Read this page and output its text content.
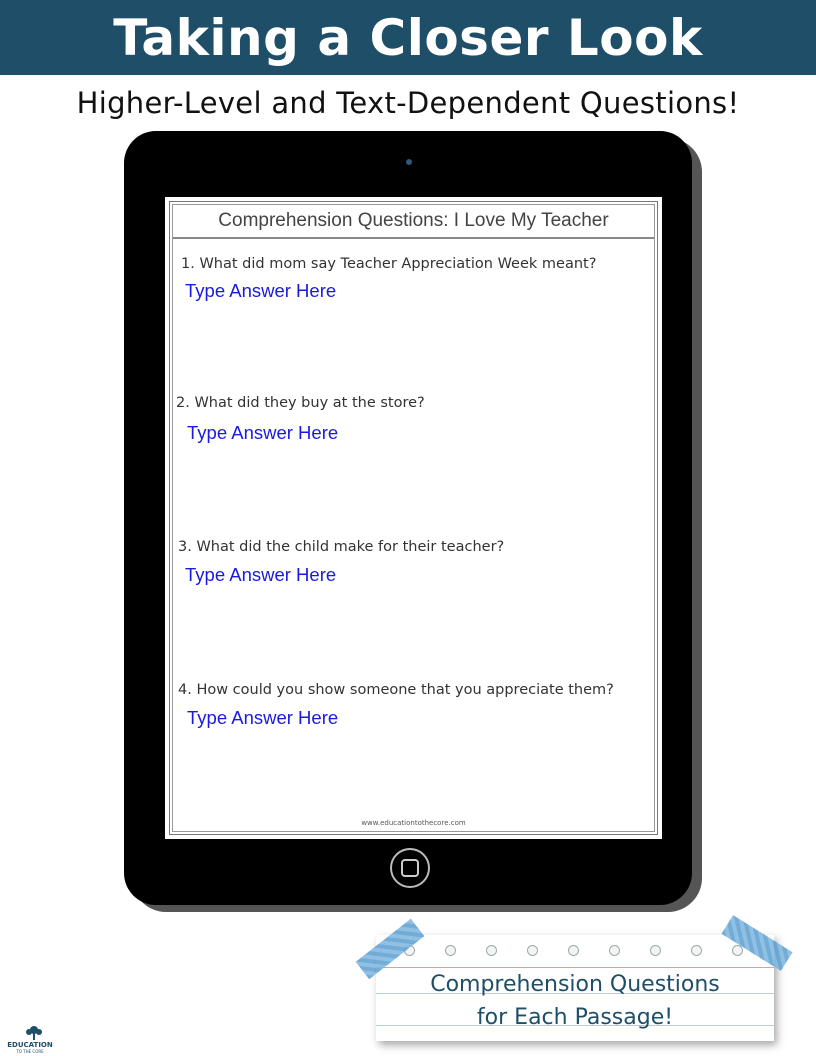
Taking a Closer Look
Higher-Level and Text-Dependent Questions!
Comprehension Questions: I Love My Teacher
1. What did mom say Teacher Appreciation Week meant?
Type Answer Here
2. What did they buy at the store?
Type Answer Here
3. What did the child make for their teacher?
Type Answer Here
4. How could you show someone that you appreciate them?
Type Answer Here
www.educationtothecore.com
Comprehension Questions
for Each Passage!
EDUCATION
TO THE CORE
